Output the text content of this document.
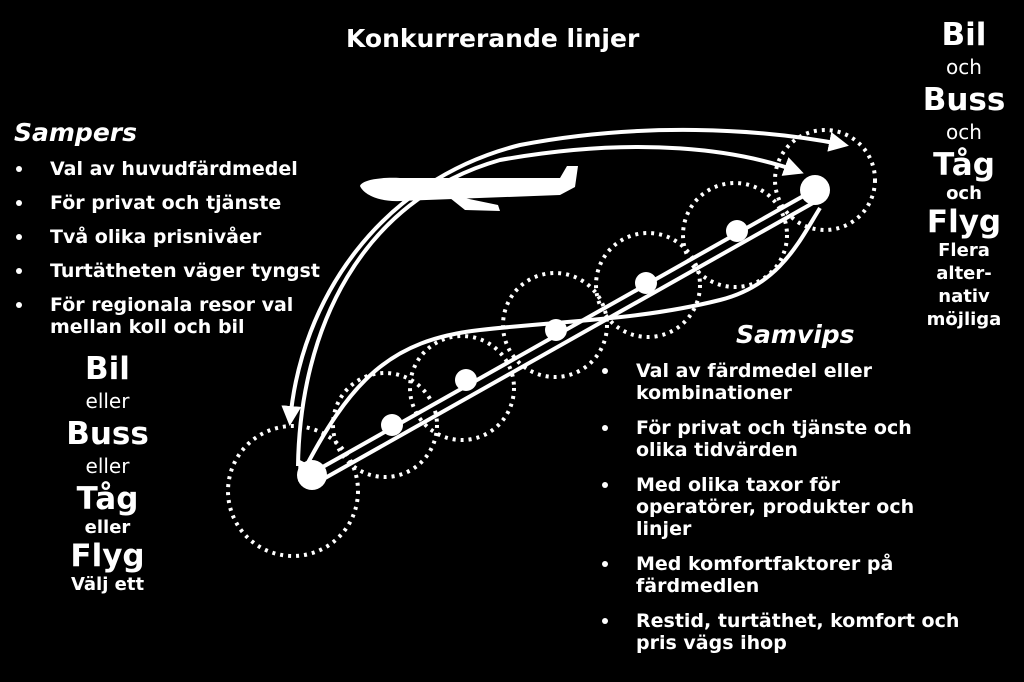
Konkurrerande linjer
Sampers
Val av huvudfärdmedel
För privat och tjänste
Två olika prisnivåer
Turtätheten väger tyngst
För regionala resor val mellan koll och bil
Bil
eller
Buss
eller
Tåg
eller
Flyg
Välj ett
Samvips
Val av färdmedel eller kombinationer
För privat och tjänste och olika tidvärden
Med olika taxor för operatörer, produkter och linjer
Med komfortfaktorer på färdmedlen
Restid, turtäthet, komfort och pris vägs ihop
Bil
och
Buss
och
Tåg
och
Flyg
Flera
alter-
nativ
möjliga
